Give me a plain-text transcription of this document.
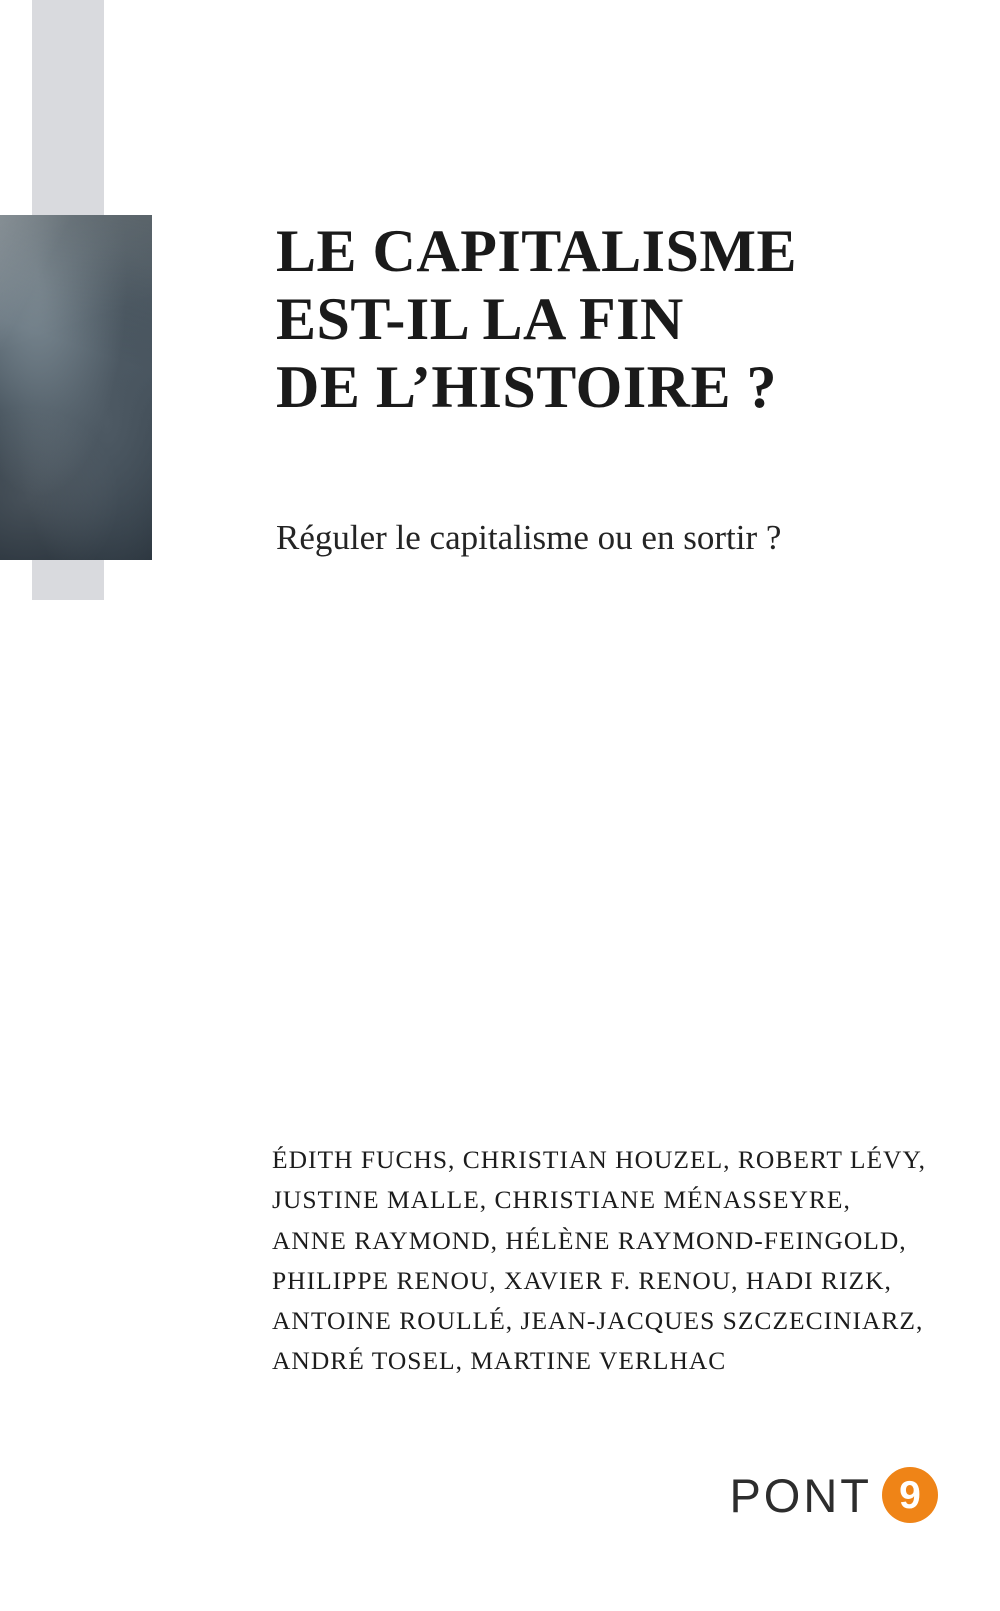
LE CAPITALISME
EST-IL LA FIN
DE L’HISTOIRE ?
Réguler le capitalisme ou en sortir ?
ÉDITH FUCHS, CHRISTIAN HOUZEL, ROBERT LÉVY,
JUSTINE MALLE, CHRISTIANE MÉNASSEYRE,
ANNE RAYMOND, HÉLÈNE RAYMOND-FEINGOLD,
PHILIPPE RENOU, XAVIER F. RENOU, HADI RIZK,
ANTOINE ROULLÉ, JEAN-JACQUES SZCZECINIARZ,
ANDRÉ TOSEL, MARTINE VERLHAC
PONT 9
